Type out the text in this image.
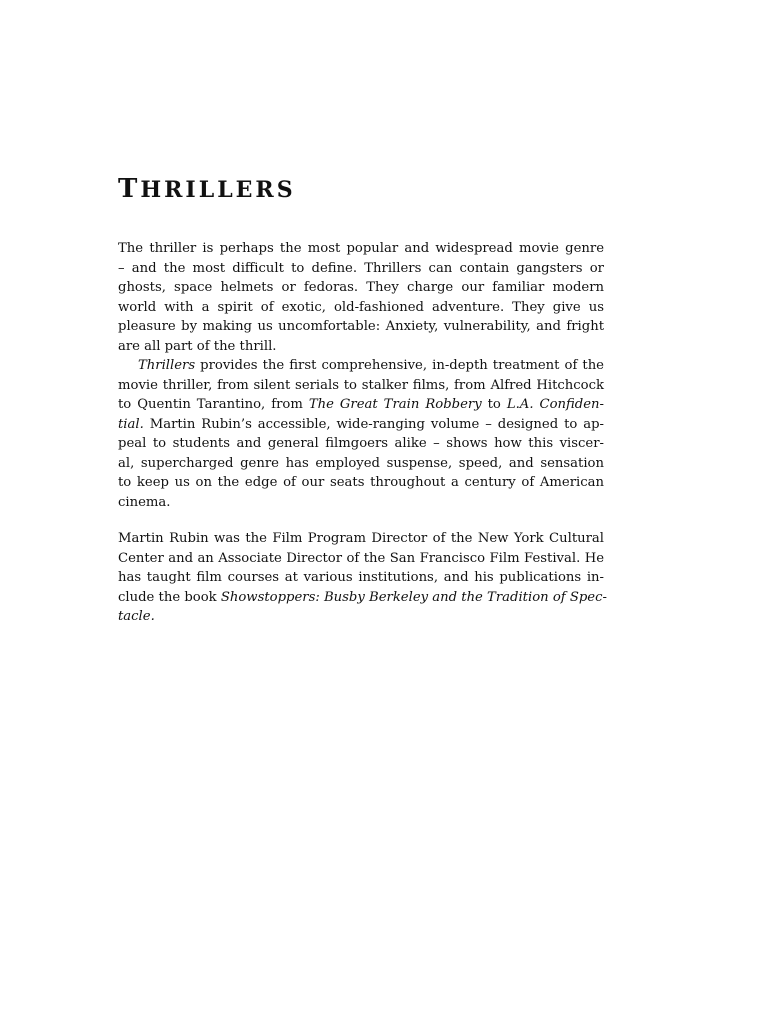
THRILLERS
The thriller is perhaps the most popular and widespread movie genre
– and the most difficult to define. Thrillers can contain gangsters or
ghosts, space helmets or fedoras. They charge our familiar modern
world with a spirit of exotic, old-fashioned adventure. They give us
pleasure by making us uncomfortable: Anxiety, vulnerability, and fright
are all part of the thrill.
Thrillers provides the first comprehensive, in-depth treatment of the
movie thriller, from silent serials to stalker films, from Alfred Hitchcock
to Quentin Tarantino, from The Great Train Robbery to L.A. Confiden-
tial. Martin Rubin’s accessible, wide-ranging volume – designed to ap-
peal to students and general filmgoers alike – shows how this viscer-
al, supercharged genre has employed suspense, speed, and sensation
to keep us on the edge of our seats throughout a century of American
cinema.
Martin Rubin was the Film Program Director of the New York Cultural
Center and an Associate Director of the San Francisco Film Festival. He
has taught film courses at various institutions, and his publications in-
clude the book Showstoppers: Busby Berkeley and the Tradition of Spec-
tacle.
